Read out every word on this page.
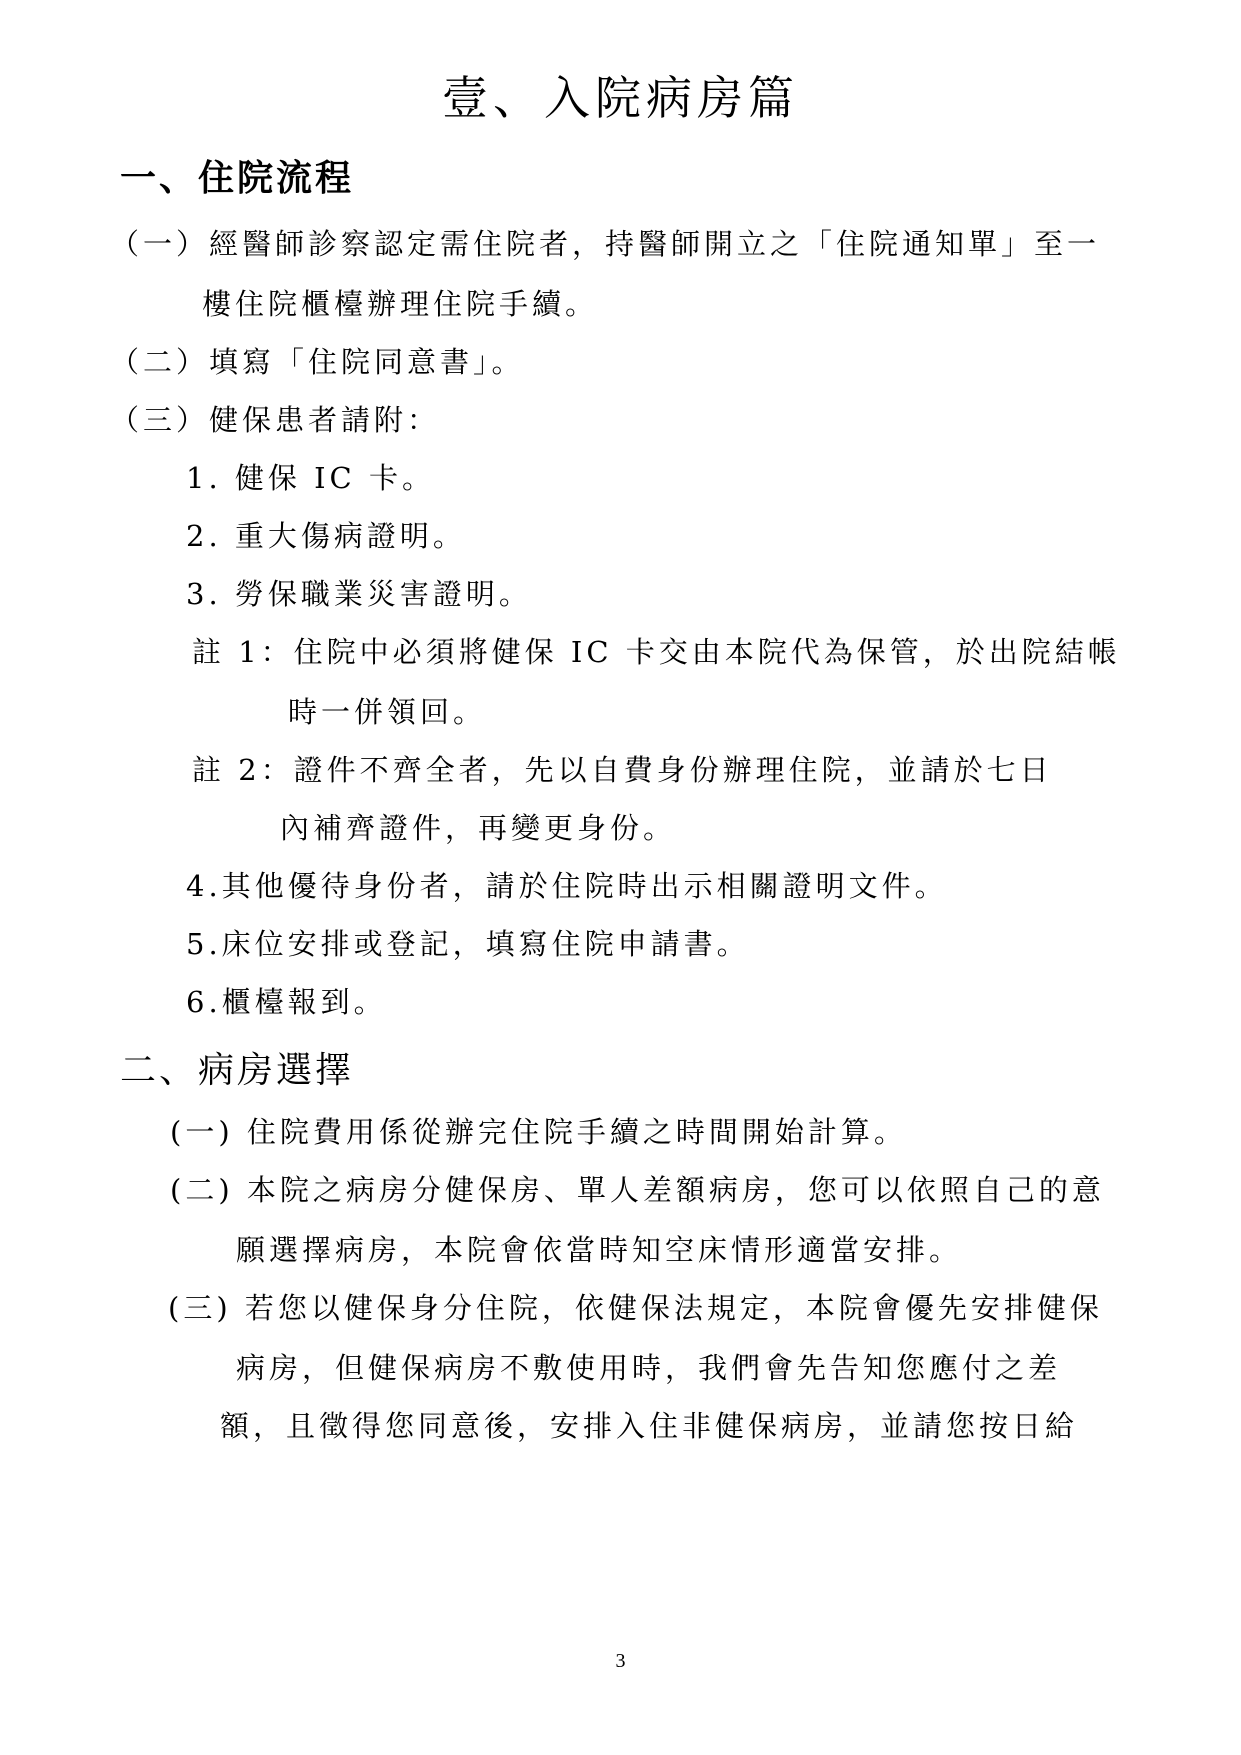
壹、入院病房篇
一、住院流程
（一）經醫師診察認定需住院者，持醫師開立之「住院通知單」至一
樓住院櫃檯辦理住院手續。
（二）填寫「住院同意書」。
（三）健保患者請附：
1. 健保 IC 卡。
2. 重大傷病證明。
3. 勞保職業災害證明。
註 1：住院中必須將健保 IC 卡交由本院代為保管，於出院結帳
時一併領回。
註 2：證件不齊全者，先以自費身份辦理住院，並請於七日
內補齊證件，再變更身份。
4.其他優待身份者，請於住院時出示相關證明文件。
5.床位安排或登記，填寫住院申請書。
6.櫃檯報到。
二、病房選擇
(一) 住院費用係從辦完住院手續之時間開始計算。
(二) 本院之病房分健保房、單人差額病房，您可以依照自己的意
願選擇病房，本院會依當時知空床情形適當安排。
(三) 若您以健保身分住院，依健保法規定，本院會優先安排健保
病房，但健保病房不敷使用時，我們會先告知您應付之差
額，且徵得您同意後，安排入住非健保病房，並請您按日給
3
